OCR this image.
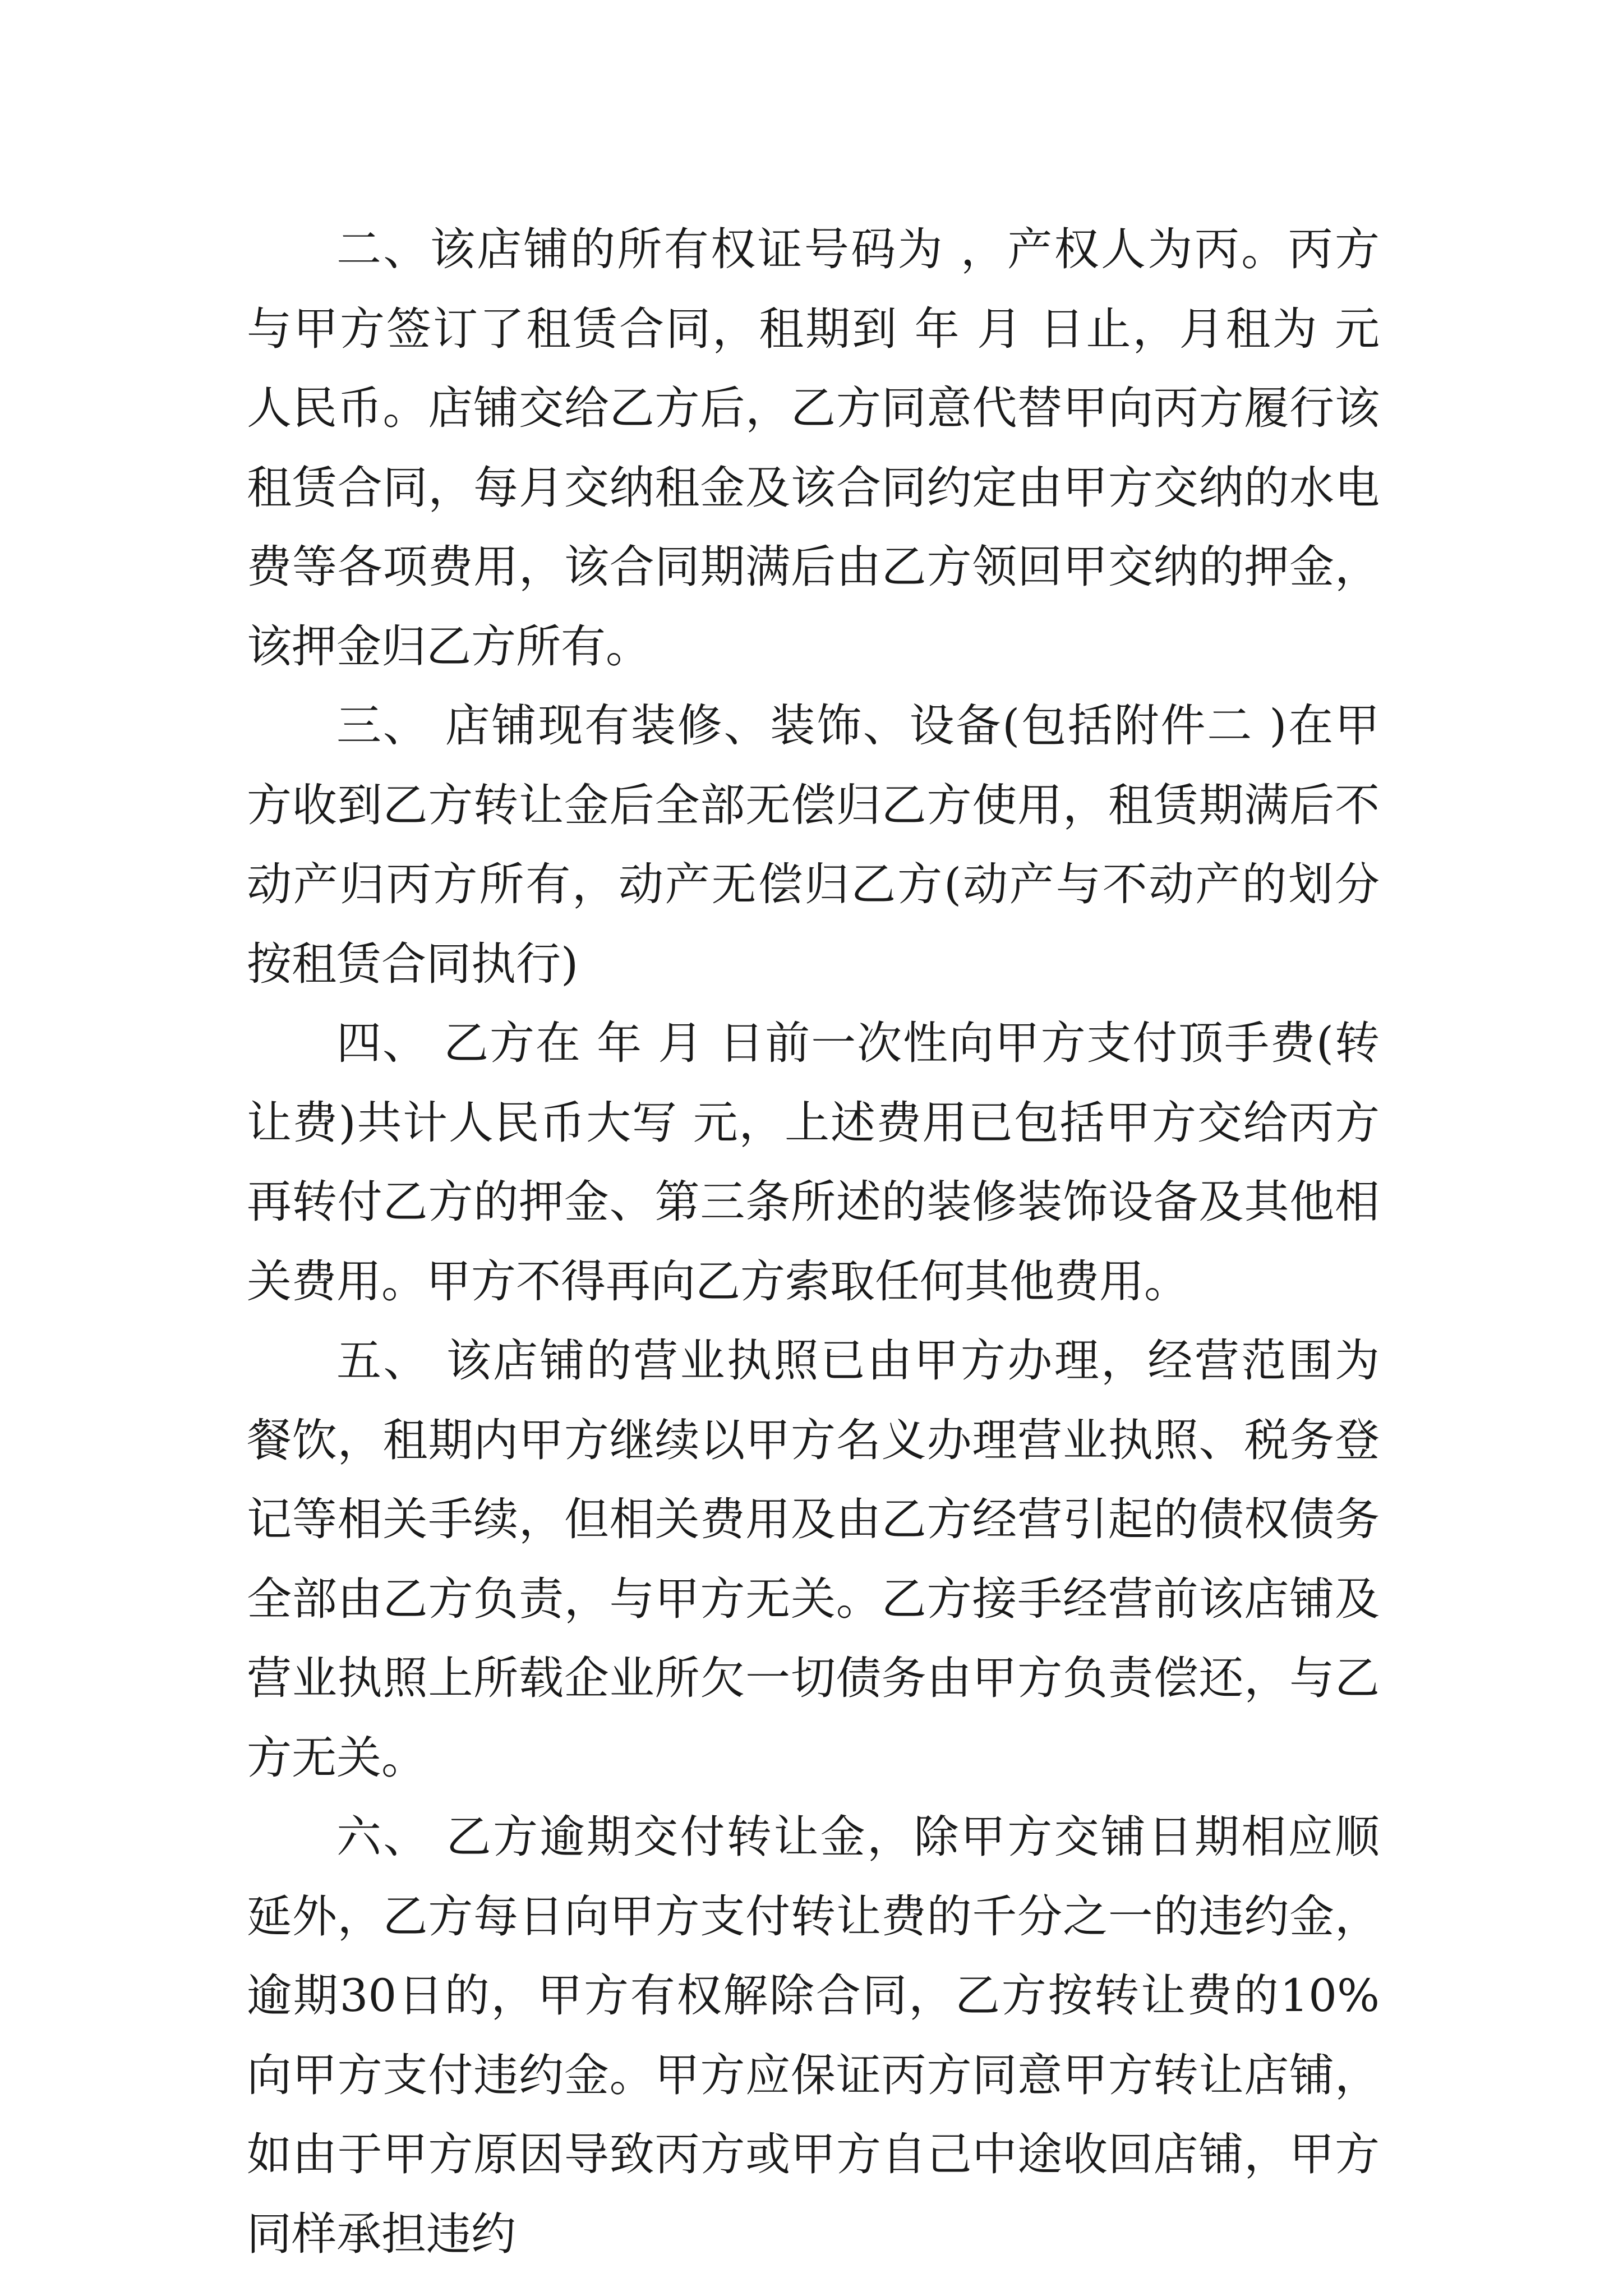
二、该店铺的所有权证号码为 ，产权人为丙。丙方与甲方签订了租赁合同，租期到 年 月 日止，月租为 元人民币。店铺交给乙方后，乙方同意代替甲向丙方履行该租赁合同，每月交纳租金及该合同约定由甲方交纳的水电费等各项费用，该合同期满后由乙方领回甲交纳的押金，该押金归乙方所有。

三、 店铺现有装修、装饰、设备(包括附件二 )在甲方收到乙方转让金后全部无偿归乙方使用，租赁期满后不动产归丙方所有，动产无偿归乙方(动产与不动产的划分按租赁合同执行)

四、 乙方在 年 月 日前一次性向甲方支付顶手费(转让费)共计人民币大写 元，上述费用已包括甲方交给丙方再转付乙方的押金、第三条所述的装修装饰设备及其他相关费用。甲方不得再向乙方索取任何其他费用。

五、 该店铺的营业执照已由甲方办理，经营范围为餐饮，租期内甲方继续以甲方名义办理营业执照、税务登记等相关手续，但相关费用及由乙方经营引起的债权债务全部由乙方负责，与甲方无关。乙方接手经营前该店铺及营业执照上所载企业所欠一切债务由甲方负责偿还，与乙方无关。

六、 乙方逾期交付转让金，除甲方交铺日期相应顺延外，乙方每日向甲方支付转让费的千分之一的违约金，逾期30日的，甲方有权解除合同，乙方按转让费的10%向甲方支付违约金。甲方应保证丙方同意甲方转让店铺，如由于甲方原因导致丙方或甲方自己中途收回店铺，甲方同样承担违约
